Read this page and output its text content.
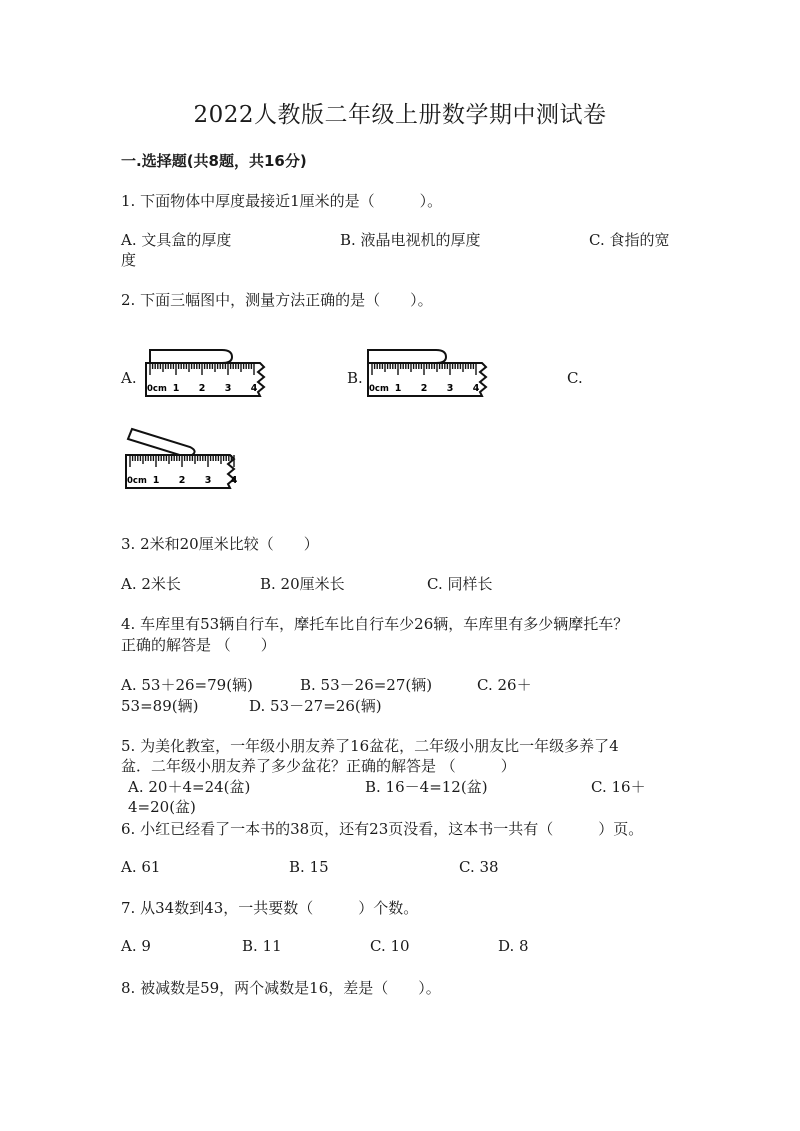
2022人教版二年级上册数学期中测试卷
一.选择题(共8题，共16分)
1. 下面物体中厚度最接近1厘米的是（　　　）。
A. 文具盒的厚度	B. 液晶电视机的厚度	C. 食指的宽
度
2. 下面三幅图中，测量方法正确的是（　　）。
A.	B.	C.
0cm 1 2 3 4	0cm 1 2 3 4
0cm 1 2 3 4
3. 2米和20厘米比较（　　）
A. 2米长	B. 20厘米长	C. 同样长
4. 车库里有53辆自行车，摩托车比自行车少26辆，车库里有多少辆摩托车？
正确的解答是 （　　）
A. 53＋26=79(辆)	B. 53－26=27(辆)	C. 26＋
53=89(辆)	D. 53－27=26(辆)
5. 为美化教室，一年级小朋友养了16盆花，二年级小朋友比一年级多养了4
盆．二年级小朋友养了多少盆花？正确的解答是 （　　　）
A. 20＋4=24(盆)	B. 16－4=12(盆)	C. 16＋
4=20(盆)
6. 小红已经看了一本书的38页，还有23页没看，这本书一共有（　　　）页。
A. 61	B. 15	C. 38
7. 从34数到43，一共要数（　　　）个数。
A. 9	B. 11	C. 10	D. 8
8. 被减数是59，两个减数是16，差是（　　）。
